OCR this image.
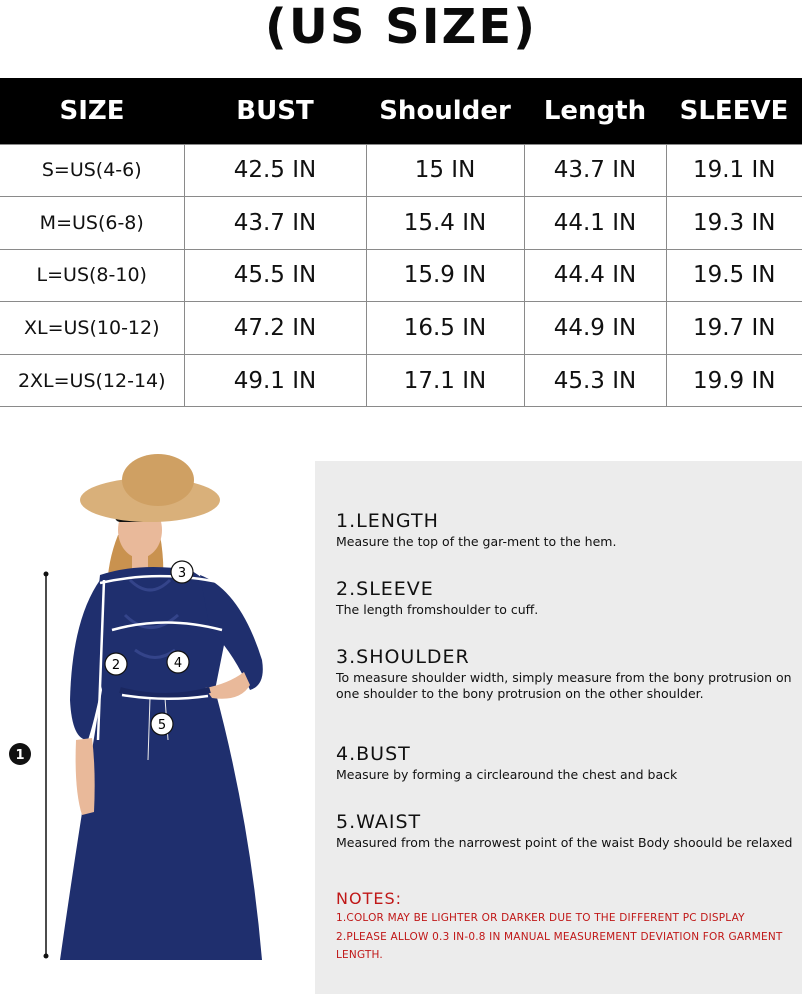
(US SIZE)
SIZE	BUST	Shoulder	Length	SLEEVE
S=US(4-6)	42.5 IN	15 IN	43.7 IN	19.1 IN
M=US(6-8)	43.7 IN	15.4 IN	44.1 IN	19.3 IN
L=US(8-10)	45.5 IN	15.9 IN	44.4 IN	19.5 IN
XL=US(10-12)	47.2 IN	16.5 IN	44.9 IN	19.7 IN
2XL=US(12-14)	49.1 IN	17.1 IN	45.3 IN	19.9 IN
3
2	4
5
1
1.LENGTH
Measure the top of the gar-ment to the hem.
2.SLEEVE
The length fromshoulder to cuff.
3.SHOULDER
To measure shoulder width, simply measure from the bony protrusion on one shoulder to the bony protrusion on the other shoulder.
4.BUST
Measure by forming a circlearound the chest and back
5.WAIST
Measured from the narrowest point of the waist Body shoould be relaxed
NOTES:
1.COLOR MAY BE LIGHTER OR DARKER DUE TO THE DIFFERENT PC DISPLAY
2.PLEASE ALLOW 0.3 IN-0.8 IN MANUAL MEASUREMENT DEVIATION FOR GARMENT LENGTH.
